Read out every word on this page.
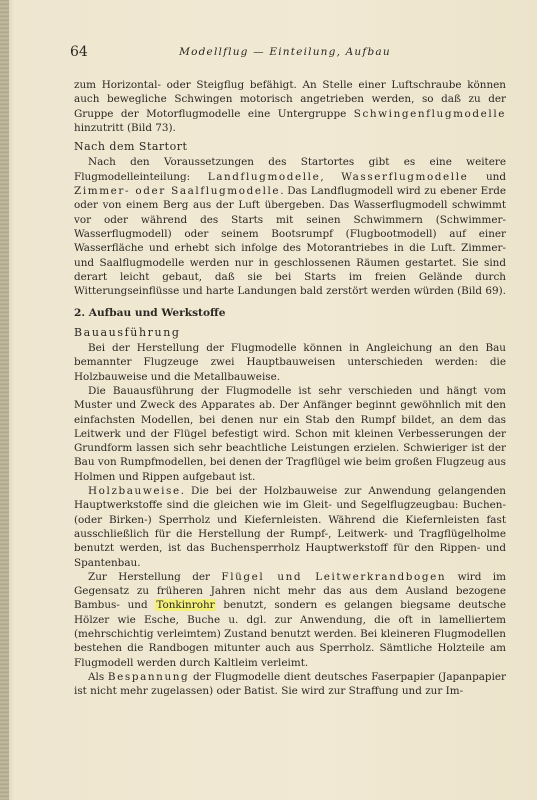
64	Modellflug — Einteilung, Aufbau

zum Horizontal- oder Steigflug befähigt. An Stelle einer Luftschraube können auch bewegliche Schwingen motorisch angetrieben werden, so daß zu der Gruppe der Motorflugmodelle eine Untergruppe Schwingenflugmodelle hinzutritt (Bild 73).

Nach dem Startort

Nach den Voraussetzungen des Startortes gibt es eine weitere Flugmodelleinteilung: Landflugmodelle, Wasserflugmodelle und Zimmer- oder Saalflugmodelle. Das Landflugmodell wird zu ebener Erde oder von einem Berg aus der Luft übergeben. Das Wasserflugmodell schwimmt vor oder während des Starts mit seinen Schwimmern (Schwimmer-Wasserflugmodell) oder seinem Bootsrumpf (Flugbootmodell) auf einer Wasserfläche und erhebt sich infolge des Motorantriebes in die Luft. Zimmer- und Saalflugmodelle werden nur in geschlossenen Räumen gestartet. Sie sind derart leicht gebaut, daß sie bei Starts im freien Gelände durch Witterungseinflüsse und harte Landungen bald zerstört werden würden (Bild 69).

2. Aufbau und Werkstoffe
Bauausführung

Bei der Herstellung der Flugmodelle können in Angleichung an den Bau bemannter Flugzeuge zwei Hauptbauweisen unterschieden werden: die Holzbauweise und die Metallbauweise.

Die Bauausführung der Flugmodelle ist sehr verschieden und hängt vom Muster und Zweck des Apparates ab. Der Anfänger beginnt gewöhnlich mit den einfachsten Modellen, bei denen nur ein Stab den Rumpf bildet, an dem das Leitwerk und der Flügel befestigt wird. Schon mit kleinen Verbesserungen der Grundform lassen sich sehr beachtliche Leistungen erzielen. Schwieriger ist der Bau von Rumpfmodellen, bei denen der Tragflügel wie beim großen Flugzeug aus Holmen und Rippen aufgebaut ist.

Holzbauweise. Die bei der Holzbauweise zur Anwendung gelangenden Hauptwerkstoffe sind die gleichen wie im Gleit- und Segelflugzeugbau: Buchen- (oder Birken-) Sperrholz und Kiefernleisten. Während die Kiefernleisten fast ausschließlich für die Herstellung der Rumpf-, Leitwerk- und Tragflügelholme benutzt werden, ist das Buchensperrholz Hauptwerkstoff für den Rippen- und Spantenbau.

Zur Herstellung der Flügel und Leitwerkrandbogen wird im Gegensatz zu früheren Jahren nicht mehr das aus dem Ausland bezogene Bambus- und Tonkinrohr benutzt, sondern es gelangen biegsame deutsche Hölzer wie Esche, Buche u. dgl. zur Anwendung, die oft in lamelliertem (mehrschichtig verleimtem) Zustand benutzt werden. Bei kleineren Flugmodellen bestehen die Randbogen mitunter auch aus Sperrholz. Sämtliche Holzteile am Flugmodell werden durch Kaltleim verleimt.

Als Bespannung der Flugmodelle dient deutsches Faserpapier (Japanpapier ist nicht mehr zugelassen) oder Batist. Sie wird zur Straffung und zur Im-
